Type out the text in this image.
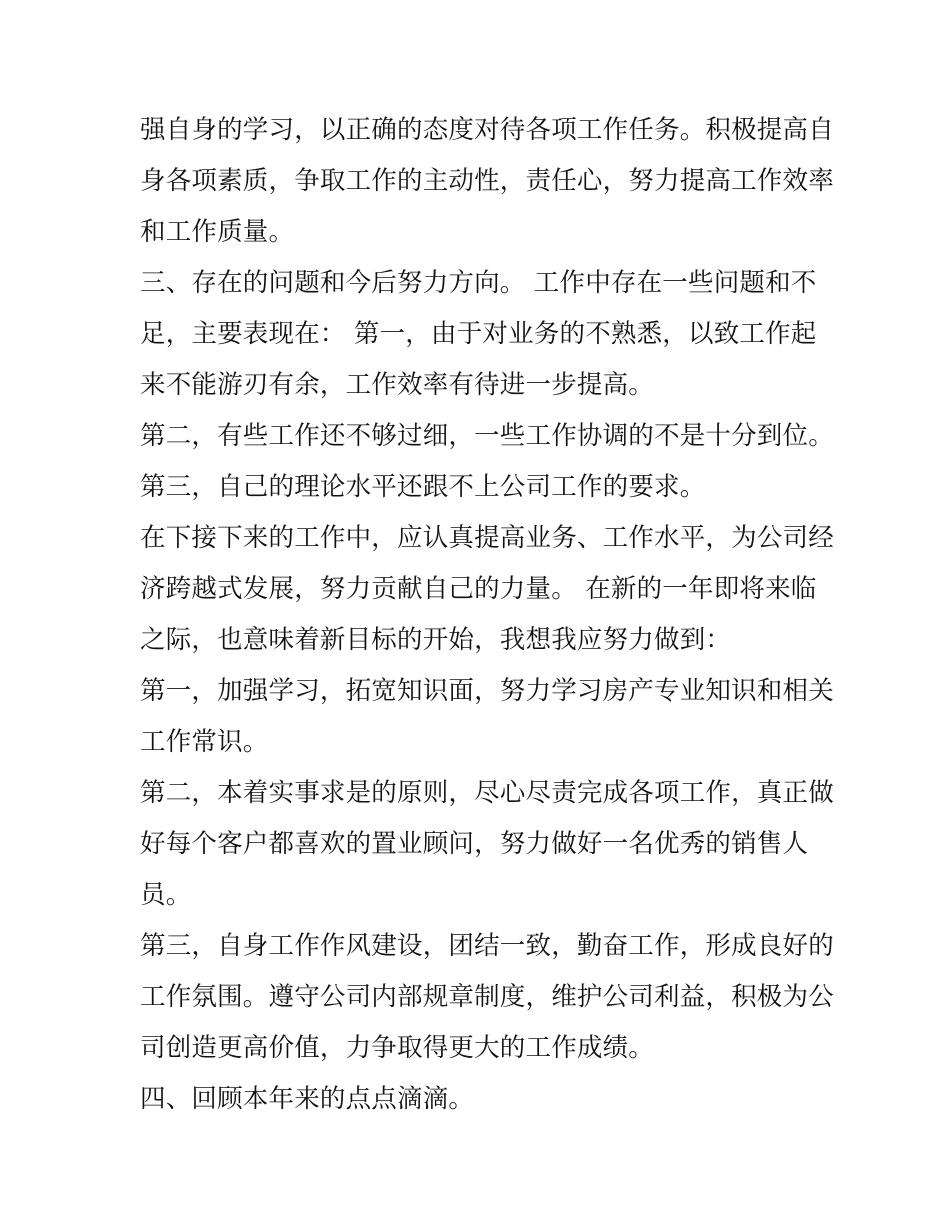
强自身的学习，以正确的态度对待各项工作任务。积极提高自
身各项素质，争取工作的主动性，责任心，努力提高工作效率
和工作质量。
三、存在的问题和今后努力方向。 工作中存在一些问题和不
足，主要表现在： 第一，由于对业务的不熟悉，以致工作起
来不能游刃有余，工作效率有待进一步提高。
第二，有些工作还不够过细，一些工作协调的不是十分到位。
第三，自己的理论水平还跟不上公司工作的要求。
在下接下来的工作中，应认真提高业务、工作水平，为公司经
济跨越式发展，努力贡献自己的力量。 在新的一年即将来临
之际，也意味着新目标的开始，我想我应努力做到：
第一，加强学习，拓宽知识面，努力学习房产专业知识和相关
工作常识。
第二，本着实事求是的原则，尽心尽责完成各项工作，真正做
好每个客户都喜欢的置业顾问，努力做好一名优秀的销售人
员。
第三，自身工作作风建设，团结一致，勤奋工作，形成良好的
工作氛围。遵守公司内部规章制度，维护公司利益，积极为公
司创造更高价值，力争取得更大的工作成绩。
四、回顾本年来的点点滴滴。
